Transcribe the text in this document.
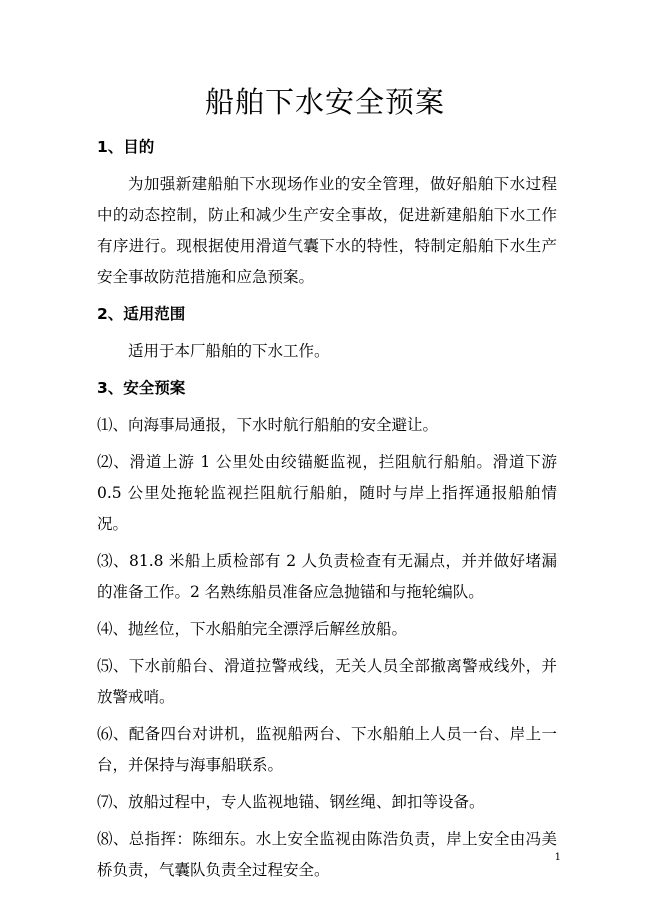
船舶下水安全预案
1、目的
为加强新建船舶下水现场作业的安全管理，做好船舶下水过程中的动态控制，防止和减少生产安全事故，促进新建船舶下水工作有序进行。现根据使用滑道气囊下水的特性，特制定船舶下水生产安全事故防范措施和应急预案。
2、适用范围
适用于本厂船舶的下水工作。
3、安全预案
⑴、向海事局通报，下水时航行船舶的安全避让。
⑵、滑道上游 1 公里处由绞锚艇监视，拦阻航行船舶。滑道下游 0.5 公里处拖轮监视拦阻航行船舶，随时与岸上指挥通报船舶情况。
⑶、81.8 米船上质检部有 2 人负责检查有无漏点，并并做好堵漏的准备工作。2 名熟练船员准备应急抛锚和与拖轮编队。
⑷、抛丝位，下水船舶完全漂浮后解丝放船。
⑸、下水前船台、滑道拉警戒线，无关人员全部撤离警戒线外，并放警戒哨。
⑹、配备四台对讲机，监视船两台、下水船舶上人员一台、岸上一台，并保持与海事船联系。
⑺、放船过程中，专人监视地锚、钢丝绳、卸扣等设备。
⑻、总指挥：陈细东。水上安全监视由陈浩负责，岸上安全由冯美桥负责，气囊队负责全过程安全。
1
